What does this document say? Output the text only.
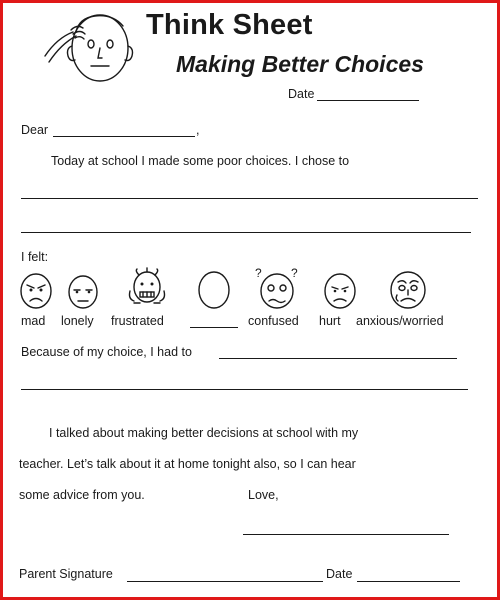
Think Sheet
Making Better Choices
Date
Dear	,
Today at school I made some poor choices. I chose to
I felt:
? ?
mad lonely frustrated	confused hurt anxious/worried
Because of my choice, I had to
I talked about making better decisions at school with my
teacher. Let’s talk about it at home tonight also, so I can hear
some advice from you.	Love,
Parent Signature	Date
